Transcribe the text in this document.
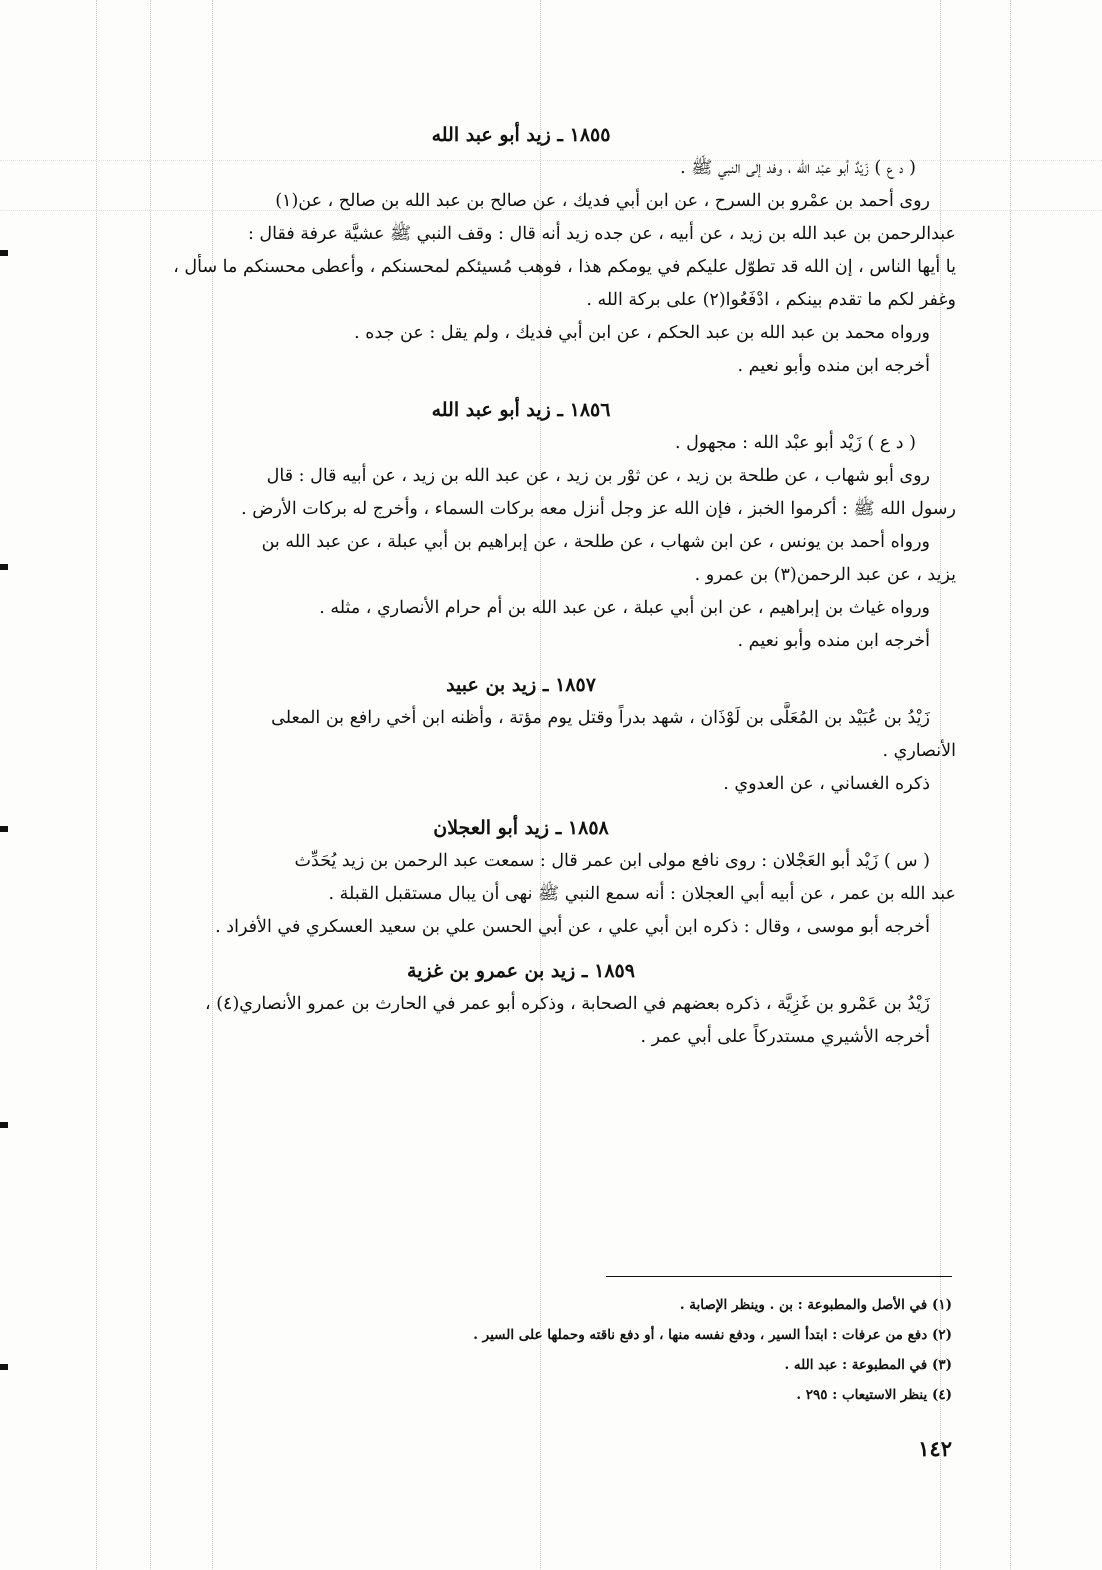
١٨٥٥ ـ زيد أبو عبد الله
( د ع ) زَيْدٌ أبو عبْد الله ، وفد إلى النبي ﷺ .
روى أحمد بن عمْرو بن السرح ، عن ابن أبي فديك ، عن صالح بن عبد الله بن صالح ، عن(١)
عبدالرحمن بن عبد الله بن زيد ، عن أبيه ، عن جده زيد أنه قال : وقف النبي ﷺ عشيَّة عرفة فقال :
يا أيها الناس ، إن الله قد تطوّل عليكم في يومكم هذا ، فوهب مُسيئكم لمحسنكم ، وأعطى محسنكم ما سأل ،
وغفر لكم ما تقدم بينكم ، ادْفَعُوا(٢) على بركة الله .
ورواه محمد بن عبد الله بن عبد الحكم ، عن ابن أبي فديك ، ولم يقل : عن جده .
أخرجه ابن منده وأبو نعيم .
١٨٥٦ ـ زيد أبو عبد الله
( د ع ) زَيْد أبو عبْد الله : مجهول .
روى أبو شهاب ، عن طلحة بن زيد ، عن ثوْر بن زيد ، عن عبد الله بن زيد ، عن أبيه قال : قال
رسول الله ﷺ : أكرموا الخبز ، فإن الله عز وجل أنزل معه بركات السماء ، وأخرج له بركات الأرض .
ورواه أحمد بن يونس ، عن ابن شهاب ، عن طلحة ، عن إبراهيم بن أبي عبلة ، عن عبد الله بن
يزيد ، عن عبد الرحمن(٣) بن عمرو .
ورواه غياث بن إبراهيم ، عن ابن أبي عبلة ، عن عبد الله بن أم حرام الأنصاري ، مثله .
أخرجه ابن منده وأبو نعيم .
١٨٥٧ ـ زيد بن عبيد
زَيْدُ بن عُبَيْد بن المُعَلَّى بن لَوْذَان ، شهد بدراً وقتل يوم مؤتة ، وأظنه ابن أخي رافع بن المعلى
الأنصاري .
ذكره الغساني ، عن العدوي .
١٨٥٨ ـ زيد أبو العجلان
( س ) زَيْد أبو العَجْلان : روى نافع مولى ابن عمر قال : سمعت عبد الرحمن بن زيد يُحَدِّث
عبد الله بن عمر ، عن أبيه أبي العجلان : أنه سمع النبي ﷺ نهى أن يبال مستقبل القبلة .
أخرجه أبو موسى ، وقال : ذكره ابن أبي علي ، عن أبي الحسن علي بن سعيد العسكري في الأفراد .
١٨٥٩ ـ زيد بن عمرو بن غزية
زَيْدُ بن عَمْرو بن غَزِيَّة ، ذكره بعضهم في الصحابة ، وذكره أبو عمر في الحارث بن عمرو الأنصاري(٤) ،
أخرجه الأشيري مستدركاً على أبي عمر .
(١) في الأصل والمطبوعة : بن . وينظر الإصابة .
(٢) دفع من عرفات : ابتدأ السير ، ودفع نفسه منها ، أو دفع ناقته وحملها على السير .
(٣) في المطبوعة : عبد الله .
(٤) ينظر الاستيعاب : ٢٩٥ .
١٤٢
